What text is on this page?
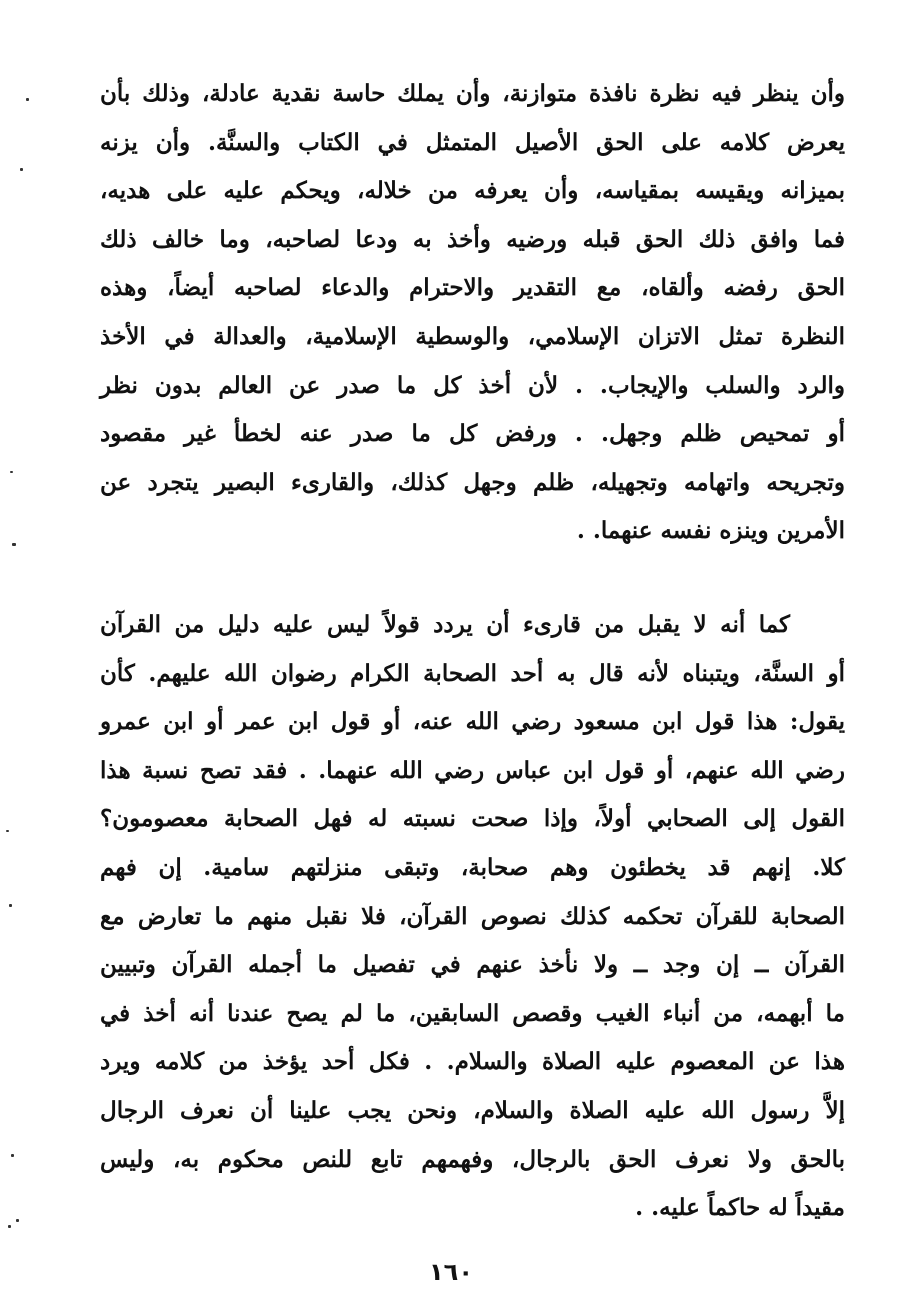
وأن ينظر فيه نظرة نافذة متوازنة، وأن يملك حاسة نقدية عادلة، وذلك بأن
يعرض كلامه على الحق الأصيل المتمثل في الكتاب والسنَّة. وأن يزنه
بميزانه ويقيسه بمقياسه، وأن يعرفه من خلاله، ويحكم عليه على هديه،
فما وافق ذلك الحق قبله ورضيه وأخذ به ودعا لصاحبه، وما خالف ذلك
الحق رفضه وألقاه، مع التقدير والاحترام والدعاء لصاحبه أيضاً، وهذه
النظرة تمثل الاتزان الإسلامي، والوسطية الإسلامية، والعدالة في الأخذ
والرد والسلب والإيجاب. . لأن أخذ كل ما صدر عن العالم بدون نظر
أو تمحيص ظلم وجهل. . ورفض كل ما صدر عنه لخطأ غير مقصود
وتجريحه واتهامه وتجهيله، ظلم وجهل كذلك، والقارىء البصير يتجرد عن
الأمرين وينزه نفسه عنهما. .
كما أنه لا يقبل من قارىء أن يردد قولاً ليس عليه دليل من القرآن
أو السنَّة، ويتبناه لأنه قال به أحد الصحابة الكرام رضوان الله عليهم. كأن
يقول: هذا قول ابن مسعود رضي الله عنه، أو قول ابن عمر أو ابن عمرو
رضي الله عنهم، أو قول ابن عباس رضي الله عنهما. . فقد تصح نسبة هذا
القول إلى الصحابي أولاً، وإذا صحت نسبته له فهل الصحابة معصومون؟
كلا. إنهم قد يخطئون وهم صحابة، وتبقى منزلتهم سامية. إن فهم
الصحابة للقرآن تحكمه كذلك نصوص القرآن، فلا نقبل منهم ما تعارض مع
القرآن ــ إن وجد ــ ولا نأخذ عنهم في تفصيل ما أجمله القرآن وتبيين
ما أبهمه، من أنباء الغيب وقصص السابقين، ما لم يصح عندنا أنه أخذ في
هذا عن المعصوم عليه الصلاة والسلام. . فكل أحد يؤخذ من كلامه ويرد
إلاَّ رسول الله عليه الصلاة والسلام، ونحن يجب علينا أن نعرف الرجال
بالحق ولا نعرف الحق بالرجال، وفهمهم تابع للنص محكوم به، وليس
مقيداً له حاكماً عليه. .
١٦٠
